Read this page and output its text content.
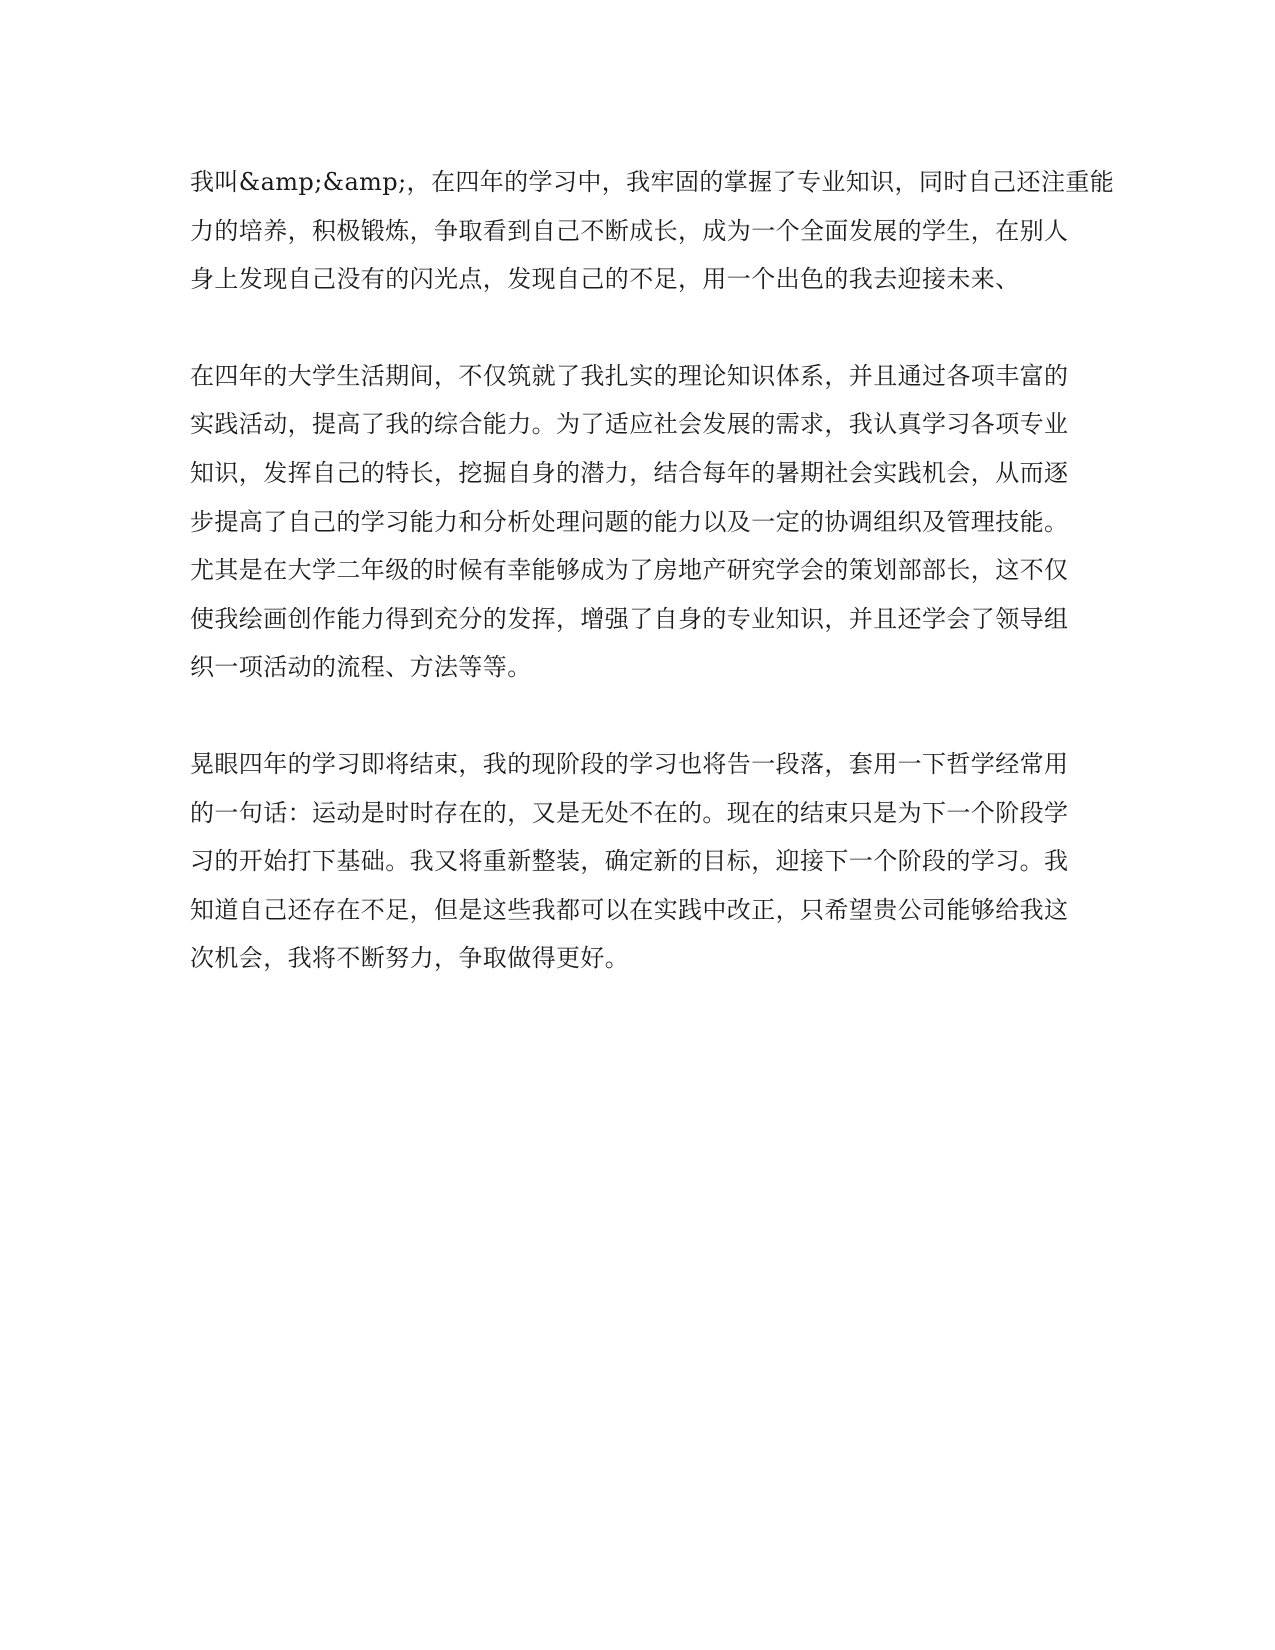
我叫&amp;&amp;，在四年的学习中，我牢固的掌握了专业知识，同时自己还注重能
力的培养，积极锻炼，争取看到自己不断成长，成为一个全面发展的学生，在别人
身上发现自己没有的闪光点，发现自己的不足，用一个出色的我去迎接未来、
在四年的大学生活期间，不仅筑就了我扎实的理论知识体系，并且通过各项丰富的
实践活动，提高了我的综合能力。为了适应社会发展的需求，我认真学习各项专业
知识，发挥自己的特长，挖掘自身的潜力，结合每年的暑期社会实践机会，从而逐
步提高了自己的学习能力和分析处理问题的能力以及一定的协调组织及管理技能。
尤其是在大学二年级的时候有幸能够成为了房地产研究学会的策划部部长，这不仅
使我绘画创作能力得到充分的发挥，增强了自身的专业知识，并且还学会了领导组
织一项活动的流程、方法等等。
晃眼四年的学习即将结束，我的现阶段的学习也将告一段落，套用一下哲学经常用
的一句话：运动是时时存在的，又是无处不在的。现在的结束只是为下一个阶段学
习的开始打下基础。我又将重新整装，确定新的目标，迎接下一个阶段的学习。我
知道自己还存在不足，但是这些我都可以在实践中改正，只希望贵公司能够给我这
次机会，我将不断努力，争取做得更好。
